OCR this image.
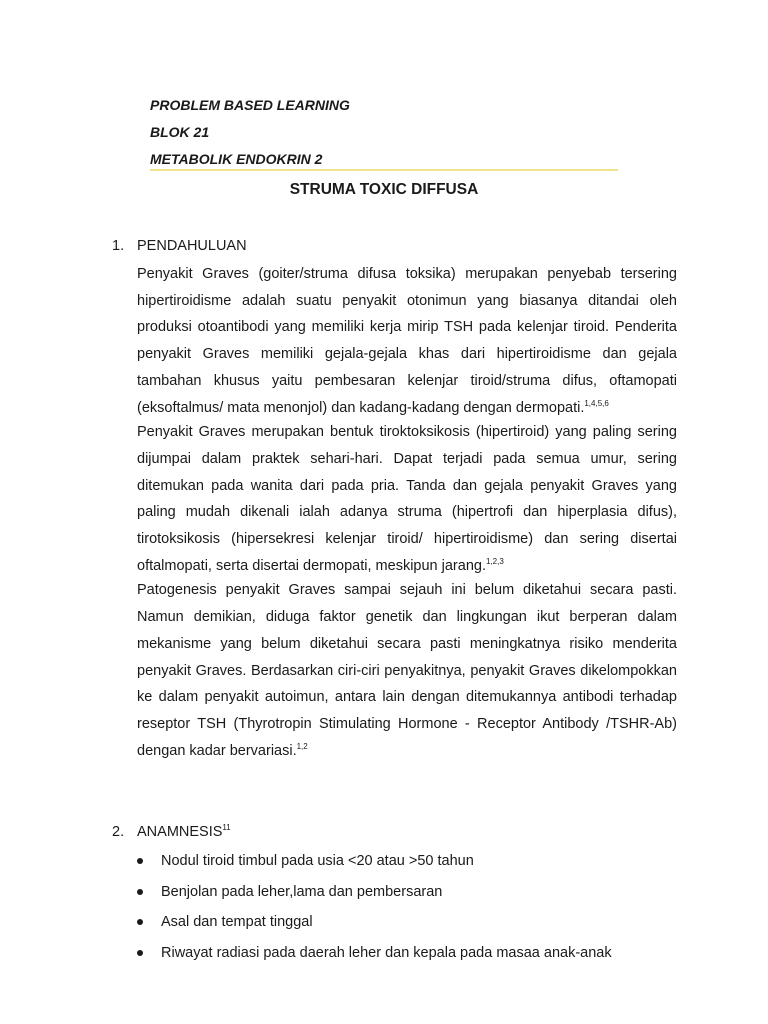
PROBLEM BASED LEARNING
BLOK 21
METABOLIK ENDOKRIN 2
STRUMA TOXIC DIFFUSA
1. PENDAHULUAN

Penyakit Graves (goiter/struma difusa toksika) merupakan penyebab tersering hipertiroidisme adalah suatu penyakit otonimun yang biasanya ditandai oleh produksi otoantibodi yang memiliki kerja mirip TSH pada kelenjar tiroid. Penderita penyakit Graves memiliki gejala-gejala khas dari hipertiroidisme dan gejala tambahan khusus yaitu pembesaran kelenjar tiroid/struma difus, oftamopati (eksoftalmus/ mata menonjol) dan kadang-kadang dengan dermopati.$^{1,4,5,6}$

Penyakit Graves merupakan bentuk tiroktoksikosis (hipertiroid) yang paling sering dijumpai dalam praktek sehari-hari. Dapat terjadi pada semua umur, sering ditemukan pada wanita dari pada pria. Tanda dan gejala penyakit Graves yang paling mudah dikenali ialah adanya struma (hipertrofi dan hiperplasia difus), tirotoksikosis (hipersekresi kelenjar tiroid/ hipertiroidisme) dan sering disertai oftalmopati, serta disertai dermopati, meskipun jarang.$^{1,2,3}$

Patogenesis penyakit Graves sampai sejauh ini belum diketahui secara pasti. Namun demikian, diduga faktor genetik dan lingkungan ikut berperan dalam mekanisme yang belum diketahui secara pasti meningkatnya risiko menderita penyakit Graves. Berdasarkan ciri-ciri penyakitnya, penyakit Graves dikelompokkan ke dalam penyakit autoimun, antara lain dengan ditemukannya antibodi terhadap reseptor TSH (Thyrotropin Stimulating Hormone - Receptor Antibody /TSHR-Ab) dengan kadar bervariasi.$^{1,2}$

2. ANAMNESIS$^{11}$
Nodul tiroid timbul pada usia <20 atau >50 tahun
Benjolan pada leher,lama dan pembersaran
Asal dan tempat tinggal
Riwayat radiasi pada daerah leher dan kepala pada masaa anak-anak
